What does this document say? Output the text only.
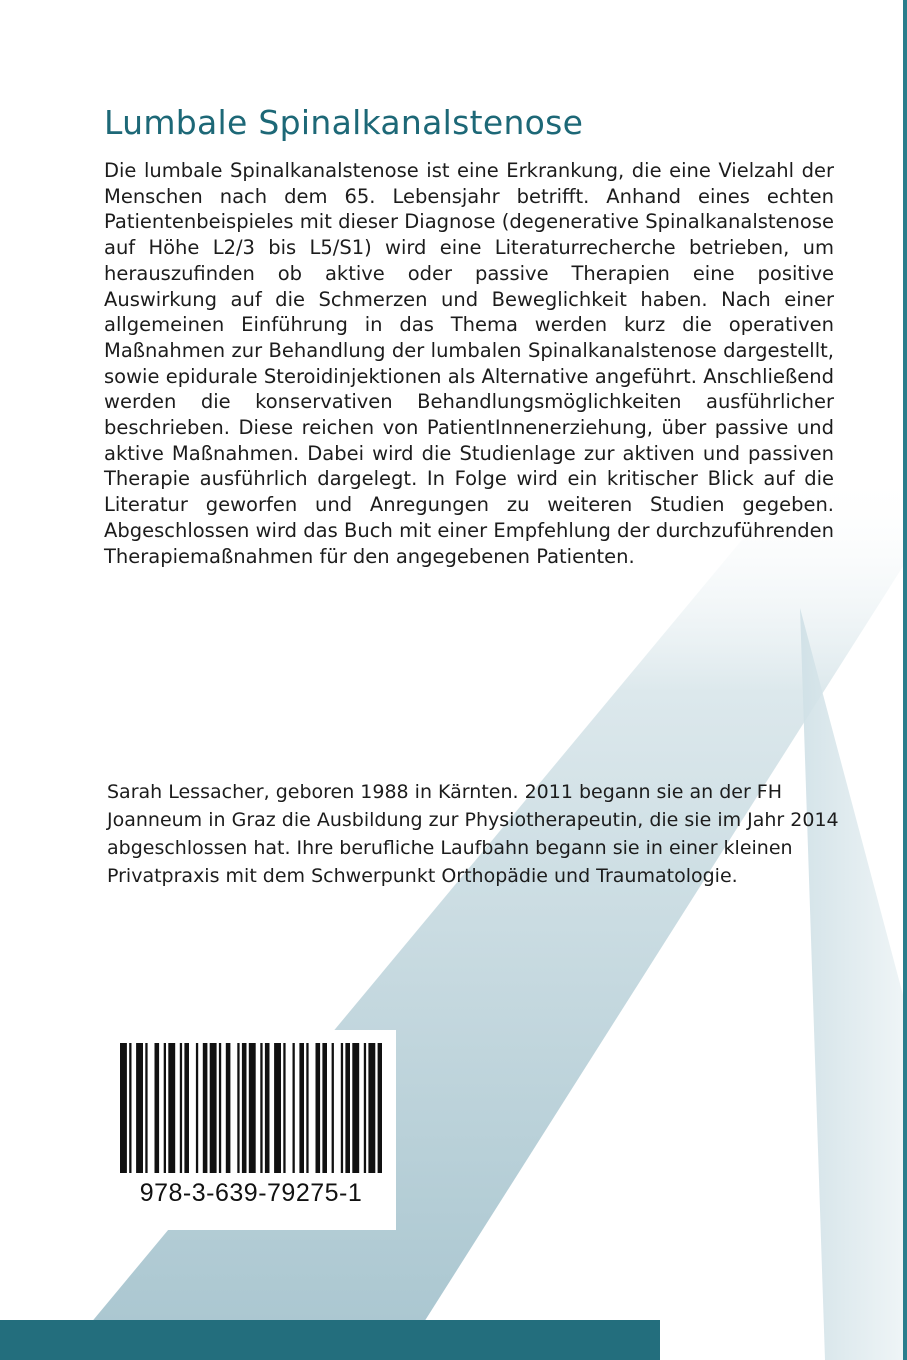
Lumbale Spinalkanalstenose

Die lumbale Spinalkanalstenose ist eine Erkrankung, die eine Vielzahl der Menschen nach dem 65. Lebensjahr betrifft. Anhand eines echten Patientenbeispieles mit dieser Diagnose (degenerative Spinalkanalstenose auf Höhe L2/3 bis L5/S1) wird eine Literaturrecherche betrieben, um herauszufinden ob aktive oder passive Therapien eine positive Auswirkung auf die Schmerzen und Beweglichkeit haben. Nach einer allgemeinen Einführung in das Thema werden kurz die operativen Maßnahmen zur Behandlung der lumbalen Spinalkanalstenose dargestellt, sowie epidurale Steroidinjektionen als Alternative angeführt. Anschließend werden die konservativen Behandlungsmöglichkeiten ausführlicher beschrieben. Diese reichen von PatientInnenerziehung, über passive und aktive Maßnahmen. Dabei wird die Studienlage zur aktiven und passiven Therapie ausführlich dargelegt. In Folge wird ein kritischer Blick auf die Literatur geworfen und Anregungen zu weiteren Studien gegeben. Abgeschlossen wird das Buch mit einer Empfehlung der durchzuführenden Therapiemaßnahmen für den angegebenen Patienten.

Sarah Lessacher, geboren 1988 in Kärnten. 2011 begann sie an der FH Joanneum in Graz die Ausbildung zur Physiotherapeutin, die sie im Jahr 2014 abgeschlossen hat. Ihre berufliche Laufbahn begann sie in einer kleinen Privatpraxis mit dem Schwerpunkt Orthopädie und Traumatologie.

978-3-639-79275-1
